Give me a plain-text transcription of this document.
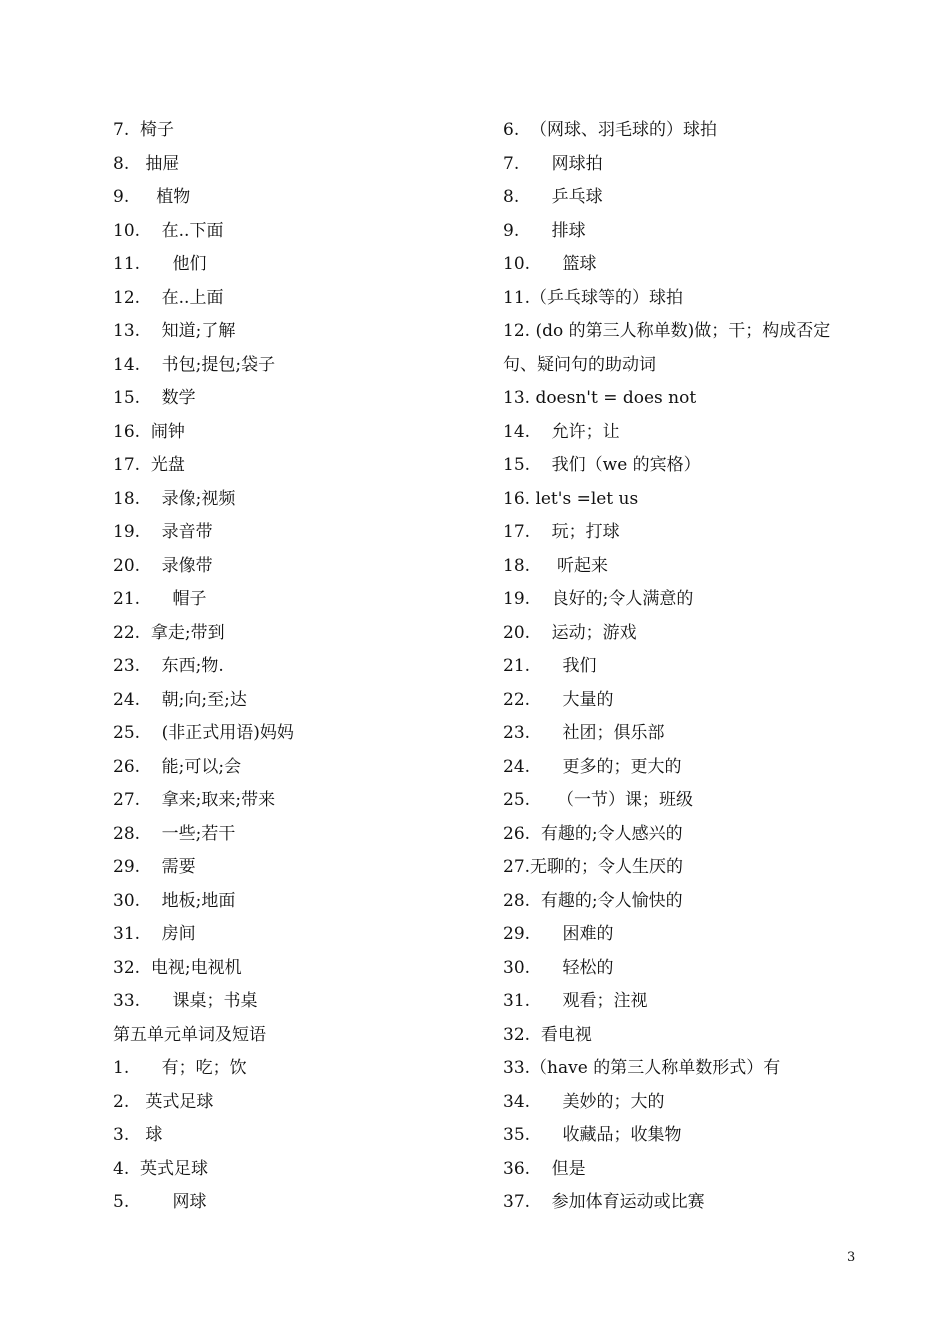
7.  椅子
8.   抽屉
9.     植物
10.    在..下面
11.      他们
12.    在..上面
13.    知道;了解
14.    书包;提包;袋子
15.    数学
16.  闹钟
17.  光盘
18.    录像;视频
19.    录音带
20.    录像带
21.      帽子
22.  拿走;带到
23.    东西;物.
24.    朝;向;至;达
25.    (非正式用语)妈妈
26.    能;可以;会
27.    拿来;取来;带来
28.    一些;若干
29.    需要
30.    地板;地面
31.    房间
32.  电视;电视机
33.      课桌；书桌
第五单元单词及短语
1.      有；吃；饮
2.   英式足球
3.   球
4.  英式足球
5.        网球
6.  （网球、羽毛球的）球拍
7.      网球拍
8.      乒乓球
9.      排球
10.      篮球
11.（乒乓球等的）球拍
12. (do 的第三人称单数)做；干；构成否定句、疑问句的助动词
13. doesn't = does not
14.    允许；让
15.    我们（we 的宾格）
16. let's =let us
17.    玩；打球
18.     听起来
19.    良好的;令人满意的
20.    运动；游戏
21.      我们
22.      大量的
23.      社团；俱乐部
24.      更多的；更大的
25.     （一节）课；班级
26.  有趣的;令人感兴的
27.无聊的；令人生厌的
28.  有趣的;令人愉快的
29.      困难的
30.      轻松的
31.      观看；注视
32.  看电视
33.（have 的第三人称单数形式）有
34.      美妙的；大的
35.      收藏品；收集物
36.    但是
37.    参加体育运动或比赛
3
